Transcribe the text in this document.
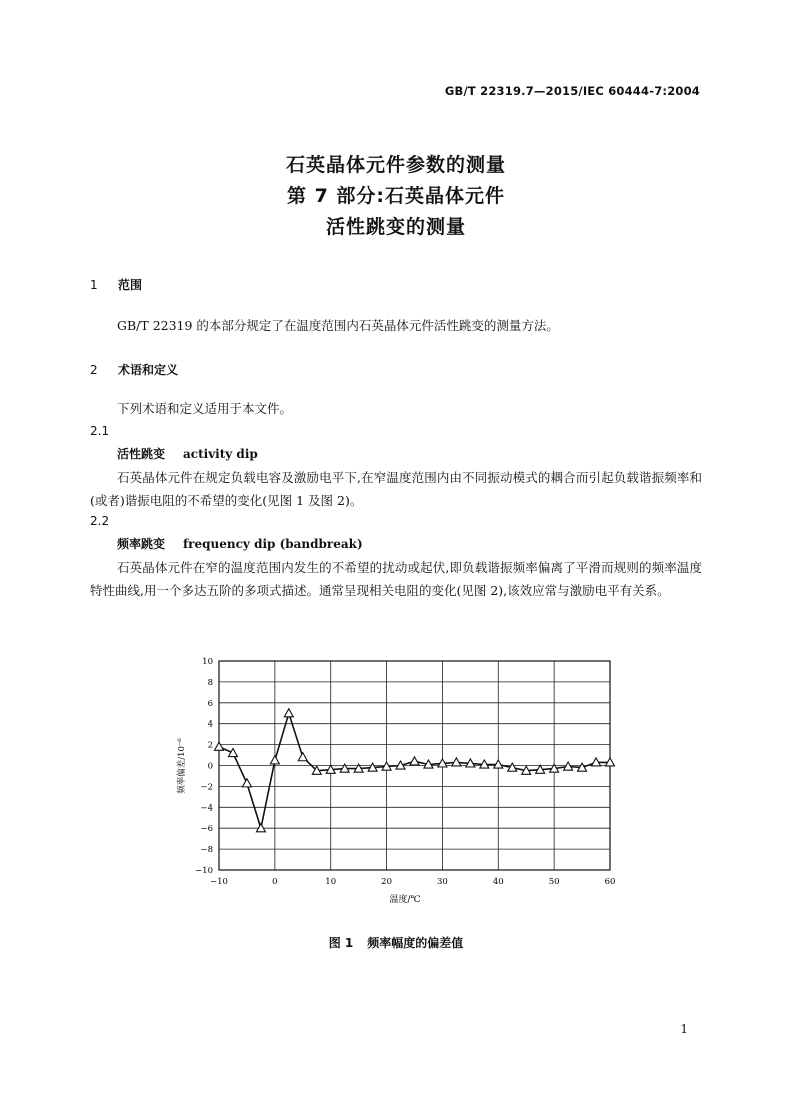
GB/T 22319.7—2015/IEC 60444-7:2004
石英晶体元件参数的测量
第 7 部分:石英晶体元件
活性跳变的测量
1 范围
GB/T 22319 的本部分规定了在温度范围内石英晶体元件活性跳变的测量方法。
2 术语和定义
下列术语和定义适用于本文件。
2.1
活性跳变 activity dip
石英晶体元件在规定负载电容及激励电平下,在窄温度范围内由不同振动模式的耦合而引起负载谐振频率和(或者)谐振电阻的不希望的变化(见图 1 及图 2)。
2.2
频率跳变 frequency dip (bandbreak)
石英晶体元件在窄的温度范围内发生的不希望的扰动或起伏,即负载谐振频率偏离了平滑而规则的频率温度特性曲线,用一个多达五阶的多项式描述。通常呈现相关电阻的变化(见图 2),该效应常与激励电平有关系。
−10
−8
−6
−4
−2
0
2
4
6
8
10
−10	0	10	20	30	40	50	60
温度/℃
频率偏差/10⁻⁶
图 1 频率幅度的偏差值
1
